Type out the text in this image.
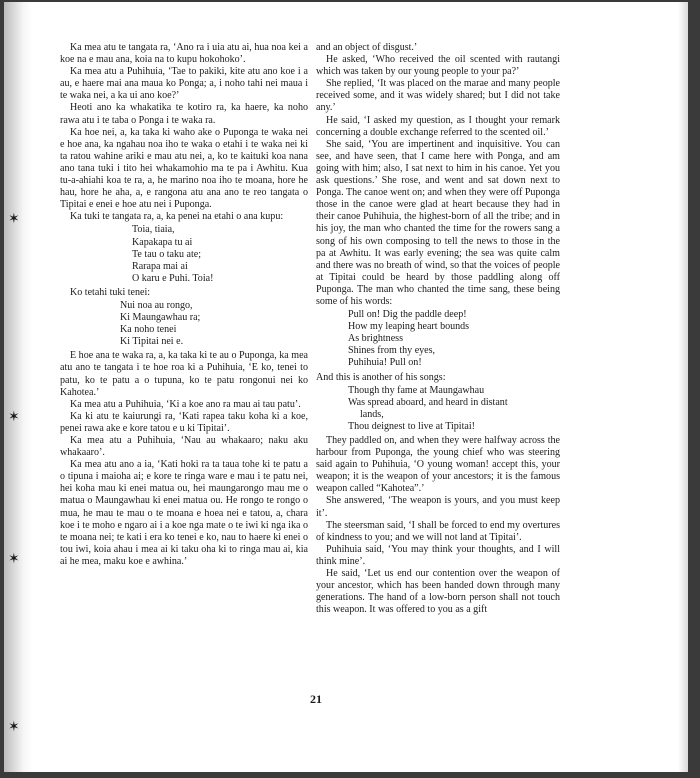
✶
✶
✶
✶

Ka mea atu te tangata ra, ‘Ano ra i uia atu ai, hua noa kei a koe na e mau ana, koia na to kupu hokohoko’.

Ka mea atu a Puhihuia, ‘Tae to pakiki, kite atu ano koe i a au, e haere mai ana maua ko Ponga; a, i noho tahi nei maua i te waka nei, a ka ui ano koe?’

Heoti ano ka whakatika te kotiro ra, ka haere, ka noho rawa atu i te taba o Ponga i te waka ra.

Ka hoe nei, a, ka taka ki waho ake o Puponga te waka nei e hoe ana, ka ngahau noa iho te waka o etahi i te waka nei ki ta ratou wahine ariki e mau atu nei, a, ko te kaituki koa nana ano tana tuki i tito hei whakamohio ma te pa i Awhitu. Kua tu-a-ahiahi koa te ra, a, he marino noa iho te moana, hore he hau, hore he aha, a, e rangona atu ana ano te reo tangata o Tipitai e enei e hoe atu nei i Puponga.

Ka tuki te tangata ra, a, ka penei na etahi o ana kupu:

Toia, tiaia,
Kapakapa tu ai
Te tau o taku ate;
Rarapa mai ai
O karu e Puhi. Toia!

Ko tetahi tuki tenei:

Nui noa au rongo,
Ki Maungawhau ra;
Ka noho tenei
Ki Tipitai nei e.

E hoe ana te waka ra, a, ka taka ki te au o Puponga, ka mea atu ano te tangata i te hoe roa ki a Puhihuia, ‘E ko, tenei to patu, ko te patu a o tupuna, ko te patu rongonui nei ko Kahotea.’

Ka mea atu a Puhihuia, ‘Ki a koe ano ra mau ai tau patu’.

Ka ki atu te kaiurungi ra, ‘Kati rapea taku koha ki a koe, penei rawa ake e kore tatou e u ki Tipitai’.

Ka mea atu a Puhihuia, ‘Nau au whakaaro; naku aku whakaaro’.

Ka mea atu ano a ia, ‘Kati hoki ra ta taua tohe ki te patu a o tipuna i maioha ai; e kore te ringa ware e mau i te patu nei, hei koha mau ki enei matua ou, hei maungarongo mau me o matua o Maungawhau ki enei matua ou. He rongo te rongo o mua, he mau te mau o te moana e hoea nei e tatou, a, chara koe i te moho e ngaro ai i a koe nga mate o te iwi ki nga ika o te moana nei; te kati i era ko tenei e ko, nau to haere ki enei o tou iwi, koia ahau i mea ai ki taku oha ki to ringa mau ai, kia ai he mea, maku koe e awhina.’

and an object of disgust.’

He asked, ‘Who received the oil scented with rautangi which was taken by our young people to your pa?’

She replied, ‘It was placed on the marae and many people received some, and it was widely shared; but I did not take any.’

He said, ‘I asked my question, as I thought your remark concerning a double exchange referred to the scented oil.’

She said, ‘You are impertinent and inquisitive. You can see, and have seen, that I came here with Ponga, and am going with him; also, I sat next to him in his canoe. Yet you ask questions.’ She rose, and went and sat down next to Ponga. The canoe went on; and when they were off Puponga those in the canoe were glad at heart because they had in their canoe Puhihuia, the highest-born of all the tribe; and in his joy, the man who chanted the time for the rowers sang a song of his own composing to tell the news to those in the pa at Awhitu. It was early evening; the sea was quite calm and there was no breath of wind, so that the voices of people at Tipitai could be heard by those paddling along off Puponga. The man who chanted the time sang, these being some of his words:

Pull on! Dig the paddle deep!
How my leaping heart bounds
As brightness
Shines from thy eyes,
Puhihuia! Pull on!

And this is another of his songs:

Though thy fame at Maungawhau
Was spread aboard, and heard in distant
lands,
Thou deignest to live at Tipitai!

They paddled on, and when they were halfway across the harbour from Puponga, the young chief who was steering said again to Puhihuia, ‘O young woman! accept this, your weapon; it is the weapon of your ancestors; it is the famous weapon called “Kahotea”.’

She answered, ‘The weapon is yours, and you must keep it’.

The steersman said, ‘I shall be forced to end my overtures of kindness to you; and we will not land at Tipitai’.

Puhihuia said, ‘You may think your thoughts, and I will think mine’.

He said, ‘Let us end our contention over the weapon of your ancestor, which has been handed down through many generations. The hand of a low-born person shall not touch this weapon. It was offered to you as a gift

21
